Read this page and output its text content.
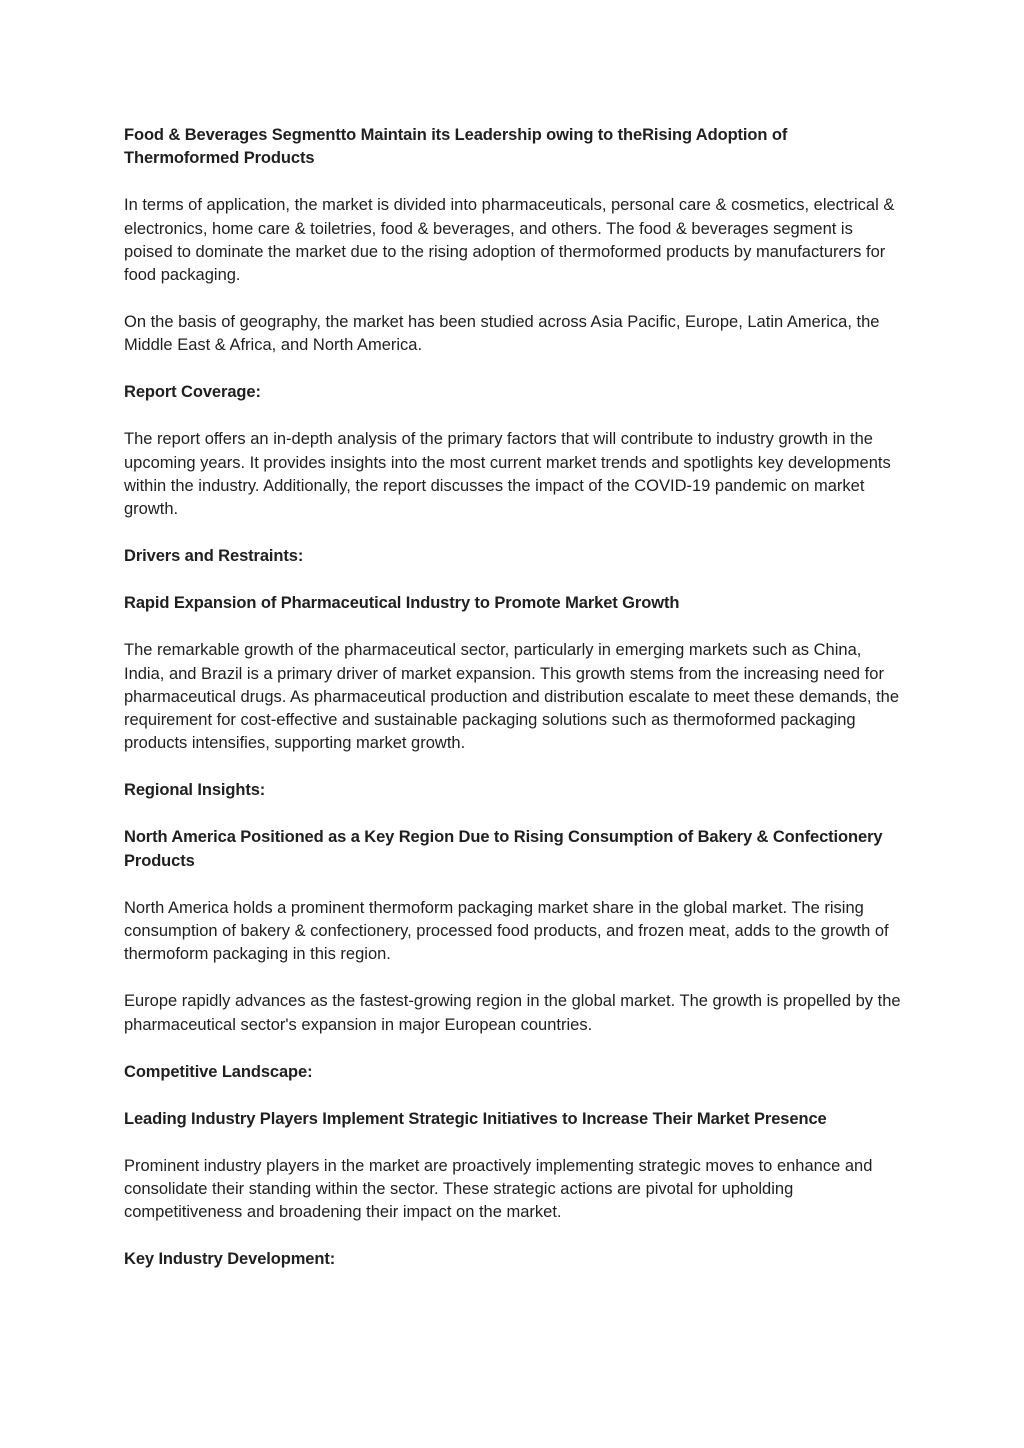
Food & Beverages Segmentto Maintain its Leadership owing to theRising Adoption of Thermoformed Products
In terms of application, the market is divided into pharmaceuticals, personal care & cosmetics, electrical & electronics, home care & toiletries, food & beverages, and others. The food & beverages segment is poised to dominate the market due to the rising adoption of thermoformed products by manufacturers for food packaging.
On the basis of geography, the market has been studied across Asia Pacific, Europe, Latin America, the Middle East & Africa, and North America.
Report Coverage:
The report offers an in-depth analysis of the primary factors that will contribute to industry growth in the upcoming years. It provides insights into the most current market trends and spotlights key developments within the industry. Additionally, the report discusses the impact of the COVID-19 pandemic on market growth.
Drivers and Restraints:
Rapid Expansion of Pharmaceutical Industry to Promote Market Growth
The remarkable growth of the pharmaceutical sector, particularly in emerging markets such as China, India, and Brazil is a primary driver of market expansion. This growth stems from the increasing need for pharmaceutical drugs. As pharmaceutical production and distribution escalate to meet these demands, the requirement for cost-effective and sustainable packaging solutions such as thermoformed packaging products intensifies, supporting market growth.
Regional Insights:
North America Positioned as a Key Region Due to Rising Consumption of Bakery & Confectionery Products
North America holds a prominent thermoform packaging market share in the global market. The rising consumption of bakery & confectionery, processed food products, and frozen meat, adds to the growth of thermoform packaging in this region.
Europe rapidly advances as the fastest-growing region in the global market. The growth is propelled by the pharmaceutical sector's expansion in major European countries.
Competitive Landscape:
Leading Industry Players Implement Strategic Initiatives to Increase Their Market Presence
Prominent industry players in the market are proactively implementing strategic moves to enhance and consolidate their standing within the sector. These strategic actions are pivotal for upholding competitiveness and broadening their impact on the market.
Key Industry Development:
